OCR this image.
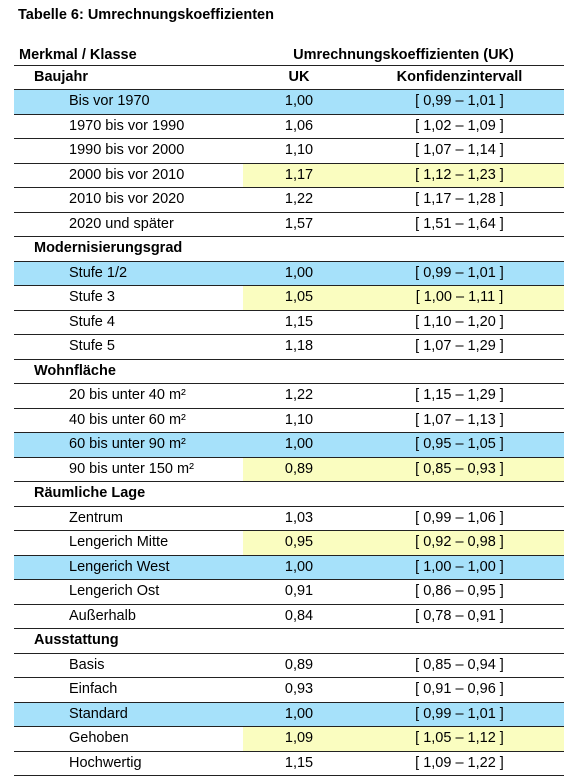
Tabelle 6: Umrechnungskoeffizienten
Merkmal / Klasse	Umrechnungskoeffizienten (UK)
Baujahr	UK	Konfidenzintervall
Bis vor 1970	1,00	[ 0,99 – 1,01 ]
1970 bis vor 1990	1,06	[ 1,02 – 1,09 ]
1990 bis vor 2000	1,10	[ 1,07 – 1,14 ]
2000 bis vor 2010	1,17	[ 1,12 – 1,23 ]
2010 bis vor 2020	1,22	[ 1,17 – 1,28 ]
2020 und später	1,57	[ 1,51 – 1,64 ]
Modernisierungsgrad
Stufe 1/2	1,00	[ 0,99 – 1,01 ]
Stufe 3	1,05	[ 1,00 – 1,11 ]
Stufe 4	1,15	[ 1,10 – 1,20 ]
Stufe 5	1,18	[ 1,07 – 1,29 ]
Wohnfläche
20 bis unter 40 m²	1,22	[ 1,15 – 1,29 ]
40 bis unter 60 m²	1,10	[ 1,07 – 1,13 ]
60 bis unter 90 m²	1,00	[ 0,95 – 1,05 ]
90 bis unter 150 m²	0,89	[ 0,85 – 0,93 ]
Räumliche Lage
Zentrum	1,03	[ 0,99 – 1,06 ]
Lengerich Mitte	0,95	[ 0,92 – 0,98 ]
Lengerich West	1,00	[ 1,00 – 1,00 ]
Lengerich Ost	0,91	[ 0,86 – 0,95 ]
Außerhalb	0,84	[ 0,78 – 0,91 ]
Ausstattung
Basis	0,89	[ 0,85 – 0,94 ]
Einfach	0,93	[ 0,91 – 0,96 ]
Standard	1,00	[ 0,99 – 1,01 ]
Gehoben	1,09	[ 1,05 – 1,12 ]
Hochwertig	1,15	[ 1,09 – 1,22 ]
